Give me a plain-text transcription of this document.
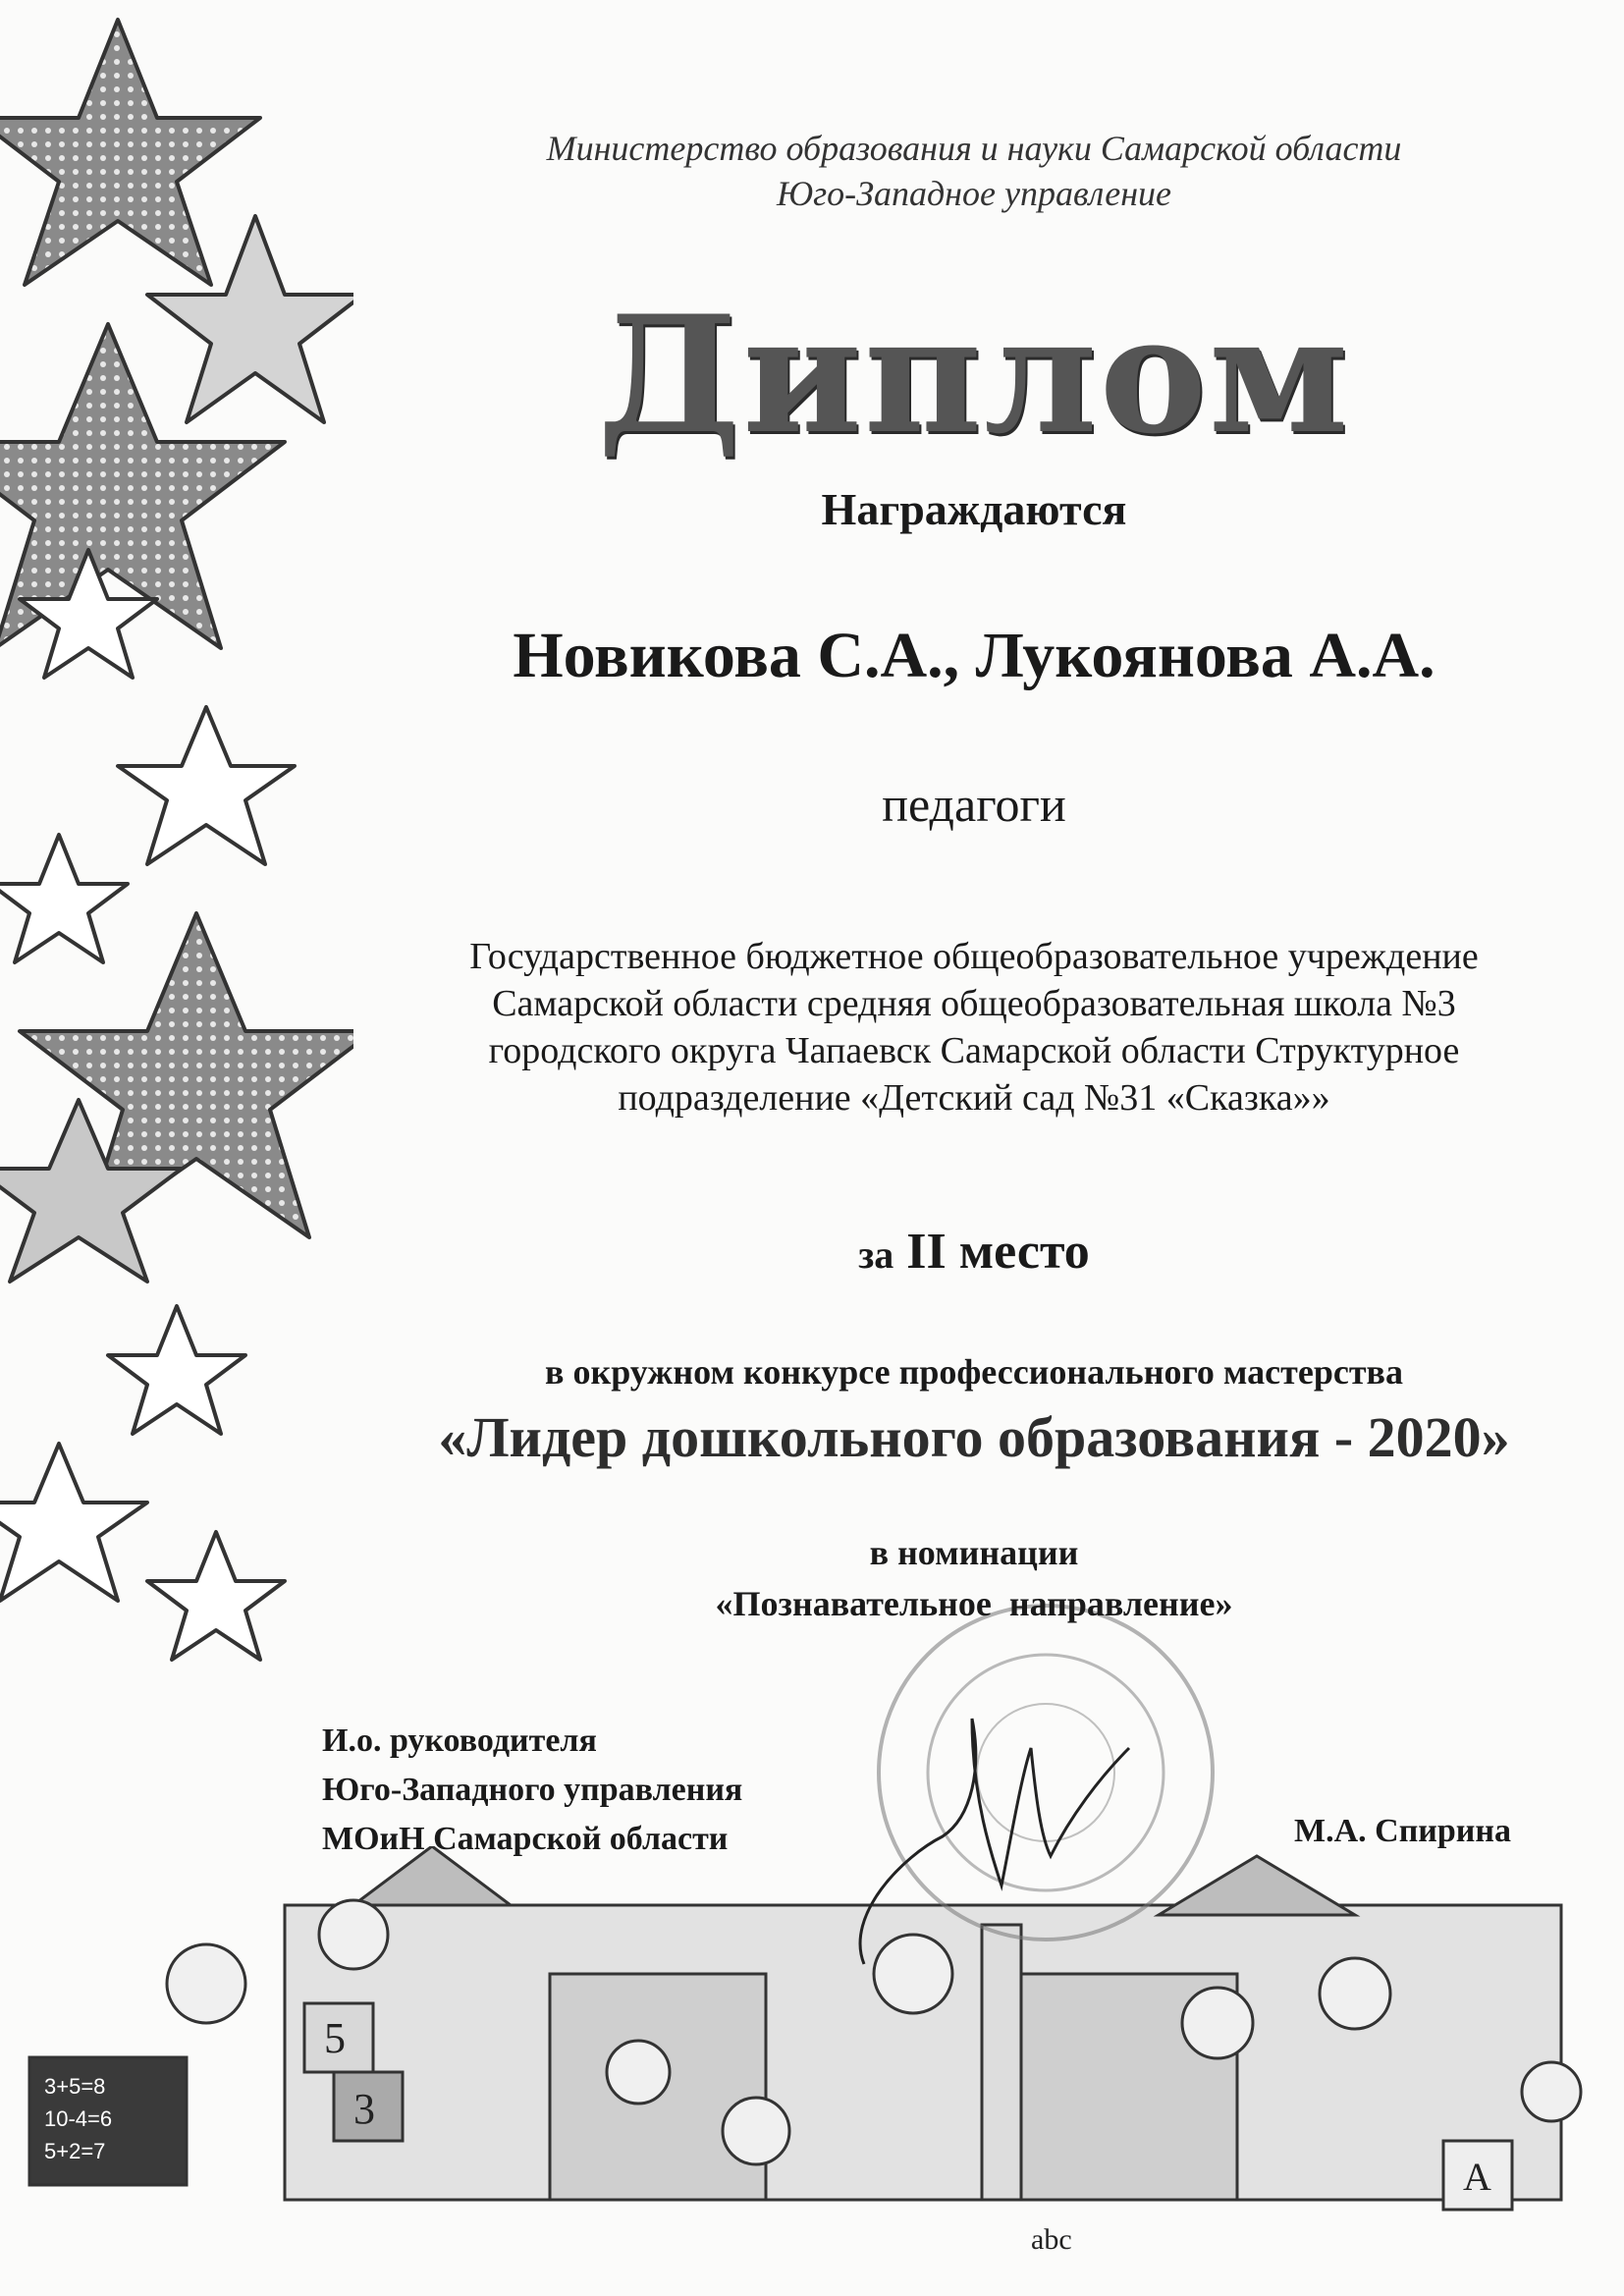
3+5=8
10-4=6
5+2=7
5
3
A
abc
Министерство образования и науки Самарской области
Юго-Западное управление
Диплом
Награждаются
Новикова С.А., Лукоянова А.А.
педагоги
Государственное бюджетное общеобразовательное учреждение
Самарской области средняя общеобразовательная школа №3
городского округа Чапаевск Самарской области Структурное
подразделение «Детский сад №31 «Сказка»»
за II место
в окружном конкурсе профессионального мастерства
«Лидер дошкольного образования - 2020»
в номинации
«Познавательное  направление»
И.о. руководителя
Юго-Западного управления
МОиН Самарской области	М.А. Спирина
